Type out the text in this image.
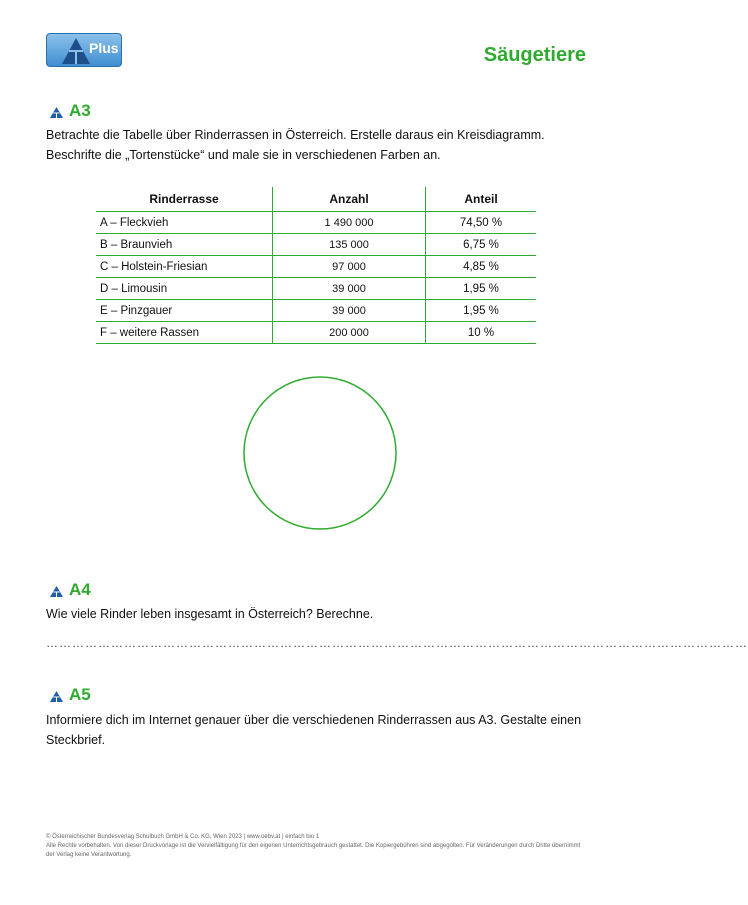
Plus	Säugetiere
A3
Betrachte die Tabelle über Rinderrassen in Österreich. Erstelle daraus ein Kreisdiagramm. Beschrifte die „Tortenstücke“ und male sie in verschiedenen Farben an.
Rinderrasse	Anzahl	Anteil
A – Fleckvieh	1 490 000	74,50 %
B – Braunvieh	135 000	6,75 %
C – Holstein-Friesian	97 000	4,85 %
D – Limousin	39 000	1,95 %
E – Pinzgauer	39 000	1,95 %
F – weitere Rassen	200 000	10 %
A4
Wie viele Rinder leben insgesamt in Österreich? Berechne.
………………………………………………………………………………………………………………………………………………
A5
Informiere dich im Internet genauer über die verschiedenen Rinderrassen aus A3. Gestalte einen Steckbrief.
© Österreichischer Bundesverlag Schulbuch GmbH & Co. KG, Wien 2023 | www.oebv.at | einfach bio 1
Alle Rechte vorbehalten. Von dieser Druckvorlage ist die Vervielfältigung für den eigenen Unterrichtsgebrauch gestattet. Die Kopiergebühren sind abgegolten. Für Veränderungen durch Dritte übernimmt der Verlag keine Verantwortung.
